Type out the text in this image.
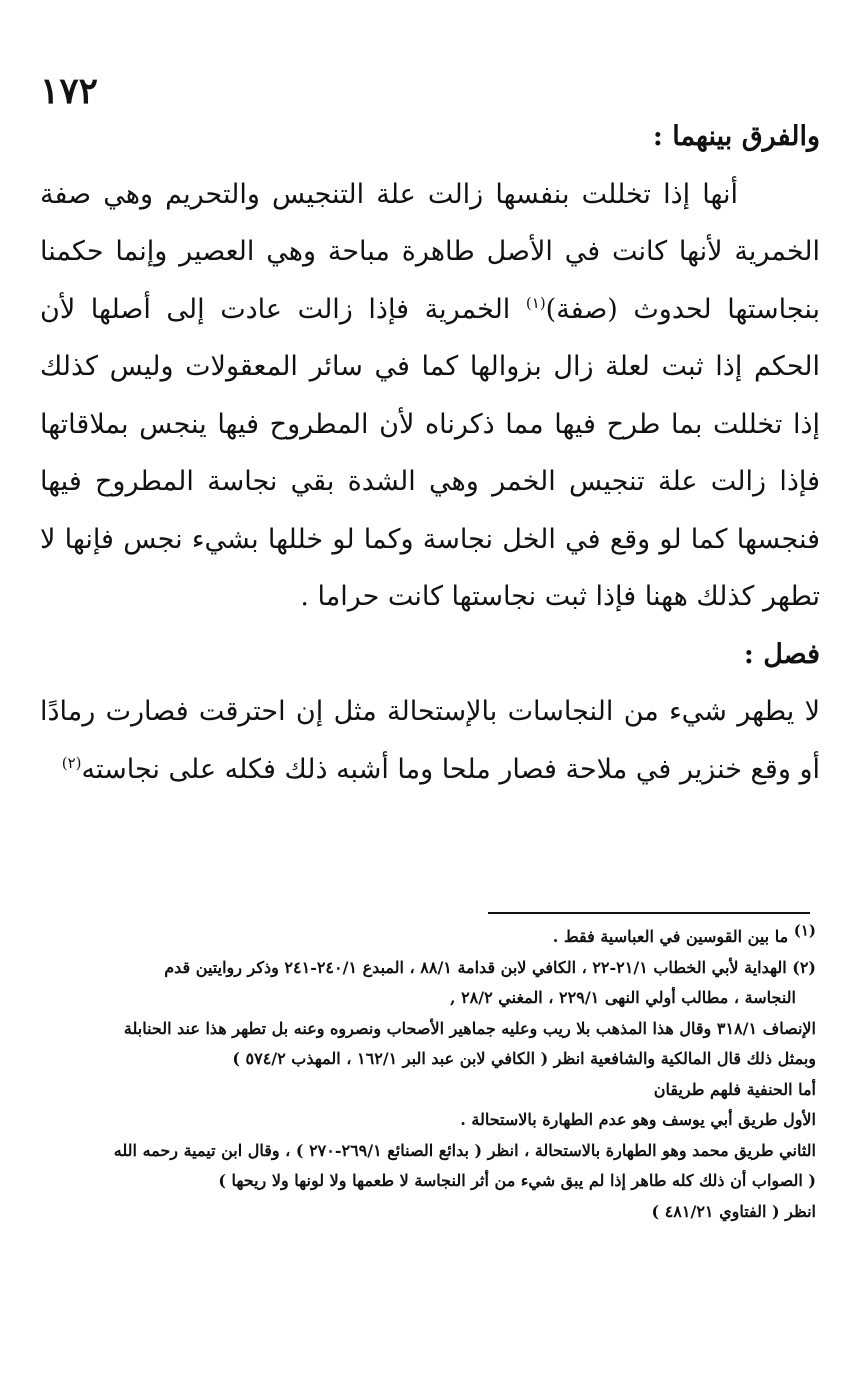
١٧٢

والفرق بينهما :

أنها إذا تخللت بنفسها زالت علة التنجيس والتحريم وهي صفة الخمرية لأنها كانت في الأصل طاهرة مباحة وهي العصير وإنما حكمنا بنجاستها لحدوث (صفة)$^{(١)}$ الخمرية فإذا زالت عادت إلى أصلها لأن الحكم إذا ثبت لعلة زال بزوالها كما في سائر المعقولات وليس كذلك إذا تخللت بما طرح فيها مما ذكرناه لأن المطروح فيها ينجس بملاقاتها فإذا زالت علة تنجيس الخمر وهي الشدة بقي نجاسة المطروح فيها فنجسها كما لو وقع في الخل نجاسة وكما لو خللها بشيء نجس فإنها لا تطهر كذلك ههنا فإذا ثبت نجاستها كانت حراما .

فصل :

لا يطهر شيء من النجاسات بالإستحالة مثل إن احترقت فصارت رمادًا أو وقع خنزير في ملاحة فصار ملحا وما أشبه ذلك فكله على نجاسته$^{(٢)}$

$^{(١)}$ ما بين القوسين في العباسية فقط .

(٢) الهداية لأبي الخطاب ٢١/١-٢٢ ، الكافي لابن قدامة ٨٨/١ ، المبدع ٢٤٠/١-٢٤١ وذكر روايتين قدم

النجاسة ، مطالب أولي النهى ٢٢٩/١ ، المغني ٢٨/٢ ,

الإنصاف ٣١٨/١ وقال هذا المذهب بلا ريب وعليه جماهير الأصحاب ونصروه وعنه بل تطهر هذا عند الحنابلة

وبمثل ذلك قال المالكية والشافعية انظر ( الكافي لابن عبد البر ١٦٢/١ ، المهذب ٥٧٤/٢ )

أما الحنفية فلهم طريقان

الأول طريق أبي يوسف وهو عدم الطهارة بالاستحالة .

الثاني طريق محمد وهو الطهارة بالاستحالة ، انظر ( بدائع الصنائع ٢٦٩/١-٢٧٠ ) ، وقال ابن تيمية رحمه الله

( الصواب أن ذلك كله طاهر إذا لم يبق شيء من أثر النجاسة لا طعمها ولا لونها ولا ريحها )

انظر ( الفتاوي ٤٨١/٢١ )
